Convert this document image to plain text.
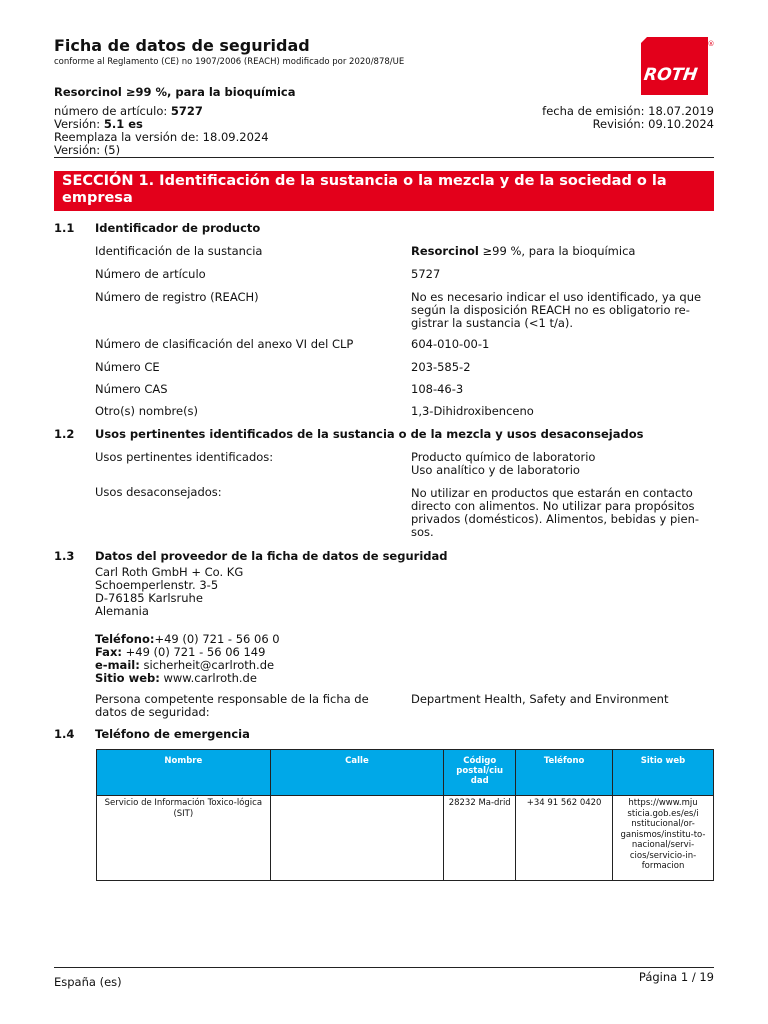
Ficha de datos de seguridad
conforme al Reglamento (CE) no 1907/2006 (REACH) modificado por 2020/878/UE
ROTH
®
Resorcinol ≥99 %, para la bioquímica
número de artículo: 5727
Versión: 5.1 es
Reemplaza la versión de: 18.09.2024
Versión: (5)
fecha de emisión: 18.07.2019
Revisión: 09.10.2024
SECCIÓN 1. Identificación de la sustancia o la mezcla y de la sociedad o la empresa
1.1 Identificador de producto
Identificación de la sustancia	Resorcinol ≥99 %, para la bioquímica
Número de artículo	5727
Número de registro (REACH)	No es necesario indicar el uso identificado, ya que según la disposición REACH no es obligatorio re-gistrar la sustancia (<1 t/a).
Número de clasificación del anexo VI del CLP	604-010-00-1
Número CE	203-585-2
Número CAS	108-46-3
Otro(s) nombre(s)	1,3-Dihidroxibenceno
1.2 Usos pertinentes identificados de la sustancia o de la mezcla y usos desaconsejados
Usos pertinentes identificados:	Producto químico de laboratorio
Uso analítico y de laboratorio
Usos desaconsejados:	No utilizar en productos que estarán en contacto directo con alimentos. No utilizar para propósitos privados (domésticos). Alimentos, bebidas y pien-sos.
1.3 Datos del proveedor de la ficha de datos de seguridad
Carl Roth GmbH + Co. KG
Schoemperlenstr. 3-5
D-76185 Karlsruhe
Alemania
Teléfono:+49 (0) 721 - 56 06 0
Fax: +49 (0) 721 - 56 06 149
e-mail: sicherheit@carlroth.de
Sitio web: www.carlroth.de
Persona competente responsable de la ficha de datos de seguridad:
Department Health, Safety and Environment
1.4 Teléfono de emergencia
Nombre	Calle	Código postal/ciu dad	Teléfono	Sitio web
Servicio de Información Toxico-lógica (SIT)		28232 Ma-drid	+34 91 562 0420	https://www.mju sticia.gob.es/es/i nstitucional/or-ganismos/institu-to-nacional/servi-cios/servicio-in-formacion
España (es)	Página 1 / 19
